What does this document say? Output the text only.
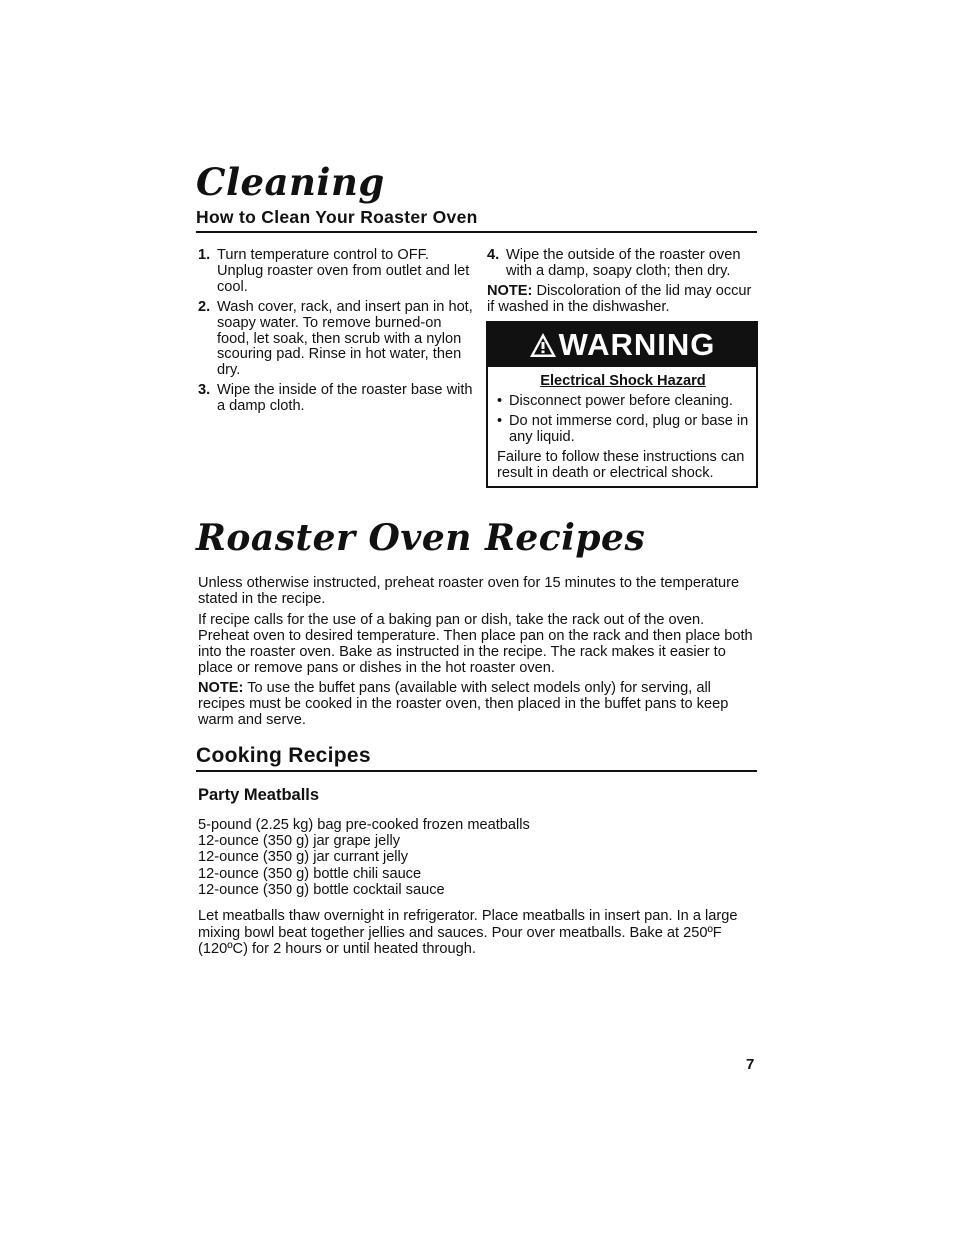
Cleaning
How to Clean Your Roaster Oven
1. Turn temperature control to OFF. Unplug roaster oven from outlet and let cool.
2. Wash cover, rack, and insert pan in hot, soapy water. To remove burned-on food, let soak, then scrub with a nylon scouring pad. Rinse in hot water, then dry.
3. Wipe the inside of the roaster base with a damp cloth.
4. Wipe the outside of the roaster oven with a damp, soapy cloth; then dry.
NOTE: Discoloration of the lid may occur if washed in the dishwasher.
WARNING
Electrical Shock Hazard
• Disconnect power before cleaning.
• Do not immerse cord, plug or base in any liquid.
Failure to follow these instructions can result in death or electrical shock.
Roaster Oven Recipes

Unless otherwise instructed, preheat roaster oven for 15 minutes to the temperature stated in the recipe.

If recipe calls for the use of a baking pan or dish, take the rack out of the oven. Preheat oven to desired temperature. Then place pan on the rack and then place both into the roaster oven. Bake as instructed in the recipe. The rack makes it easier to place or remove pans or dishes in the hot roaster oven.

NOTE: To use the buffet pans (available with select models only) for serving, all recipes must be cooked in the roaster oven, then placed in the buffet pans to keep warm and serve.

Cooking Recipes
Party Meatballs
5-pound (2.25 kg) bag pre-cooked frozen meatballs
12-ounce (350 g) jar grape jelly
12-ounce (350 g) jar currant jelly
12-ounce (350 g) bottle chili sauce
12-ounce (350 g) bottle cocktail sauce
Let meatballs thaw overnight in refrigerator. Place meatballs in insert pan. In a large mixing bowl beat together jellies and sauces. Pour over meatballs. Bake at 250ºF (120ºC) for 2 hours or until heated through.
7
